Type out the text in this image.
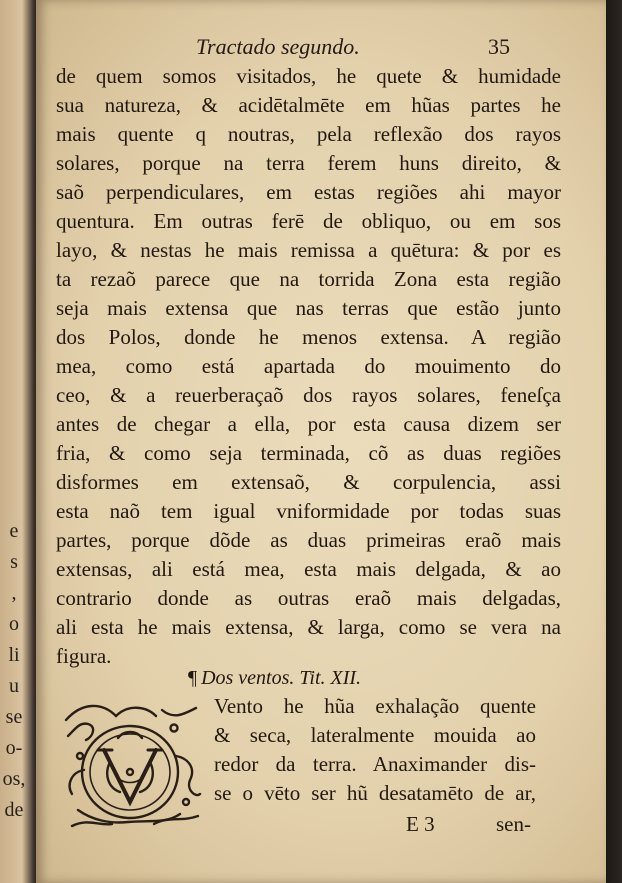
e
s
,
o
li
u
se
o-
os,
de
Tractado segundo.	35
de quem somos visitados, he quete & humidade
sua natureza, & acidētalmēte em hũas partes he
mais quente q noutras, pela reflexão dos rayos
solares, porque na terra ferem huns direito, &
saõ perpendiculares, em estas regiões ahi mayor
quentura. Em outras ferē de obliquo, ou em sos
layo, & nestas he mais remissa a quētura: & por es
ta rezaõ parece que na torrida Zona esta região
seja mais extensa que nas terras que estão junto
dos Polos, donde he menos extensa. A região
mea, como está apartada do mouimento do
ceo, & a reuerberaçaõ dos rayos solares, feneſça
antes de chegar a ella, por esta causa dizem ser
fria, & como seja terminada, cõ as duas regiões
disformes em extensaõ, & corpulencia, assi
esta naõ tem igual vniformidade por todas suas
partes, porque dõde as duas primeiras eraõ mais
extensas, ali está mea, esta mais delgada, & ao
contrario donde as outras eraõ mais delgadas,
ali esta he mais extensa, & larga, como se vera na
figura.
¶ Dos ventos. Tit. XII.
Vento he hũa exhalação quente
& seca, lateralmente mouida ao
redor da terra. Anaximander dis-
se o vēto ser hũ desatamēto de ar,
E 3	sen-
